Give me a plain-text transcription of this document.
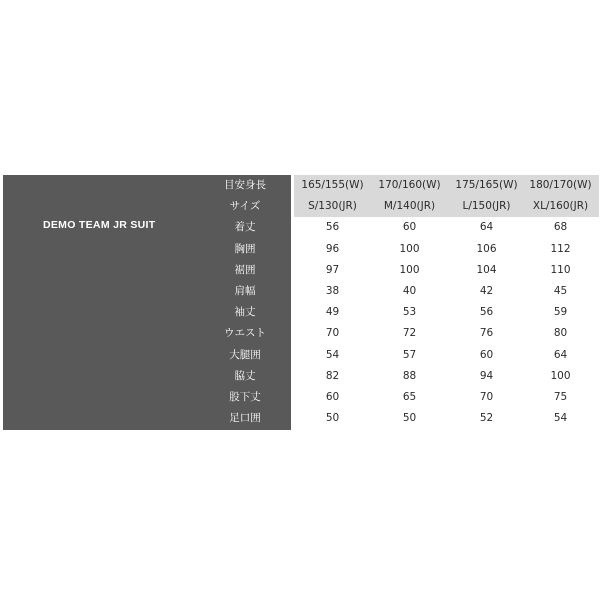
DEMO TEAM JR SUIT
目安身長	165/155(W)	170/160(W)	175/165(W)	180/170(W)
サイズ	S/130(JR)	M/140(JR)	L/150(JR)	XL/160(JR)
着丈	56	60	64	68
胸囲	96	100	106	112
裾囲	97	100	104	110
肩幅	38	40	42	45
袖丈	49	53	56	59
ウエスト	70	72	76	80
大腿囲	54	57	60	64
脇丈	82	88	94	100
股下丈	60	65	70	75
足口囲	50	50	52	54
